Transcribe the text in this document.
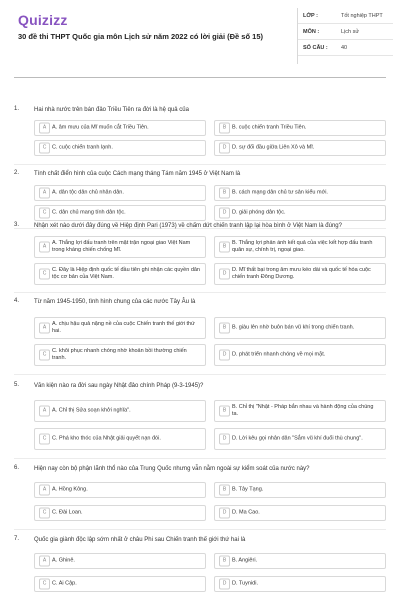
Quizizz
30 đề thi THPT Quốc gia môn Lịch sử năm 2022 có lời giải (Đề số 15)
LỚP :	Tốt nghiệp THPT
MÔN :	Lịch sử
SỐ CÂU :	40
1. Hai nhà nước trên bán đảo Triều Tiên ra đời là hệ quả của
A	A. âm mưu của Mĩ muốn cắt Triều Tiên.	B	B. cuộc chiến tranh Triều Tiên.
C	C. cuộc chiến tranh lạnh.	D	D. sự đối đầu giữa Liên Xô và Mĩ.
2. Tính chất điển hình của cuộc Cách mạng tháng Tám năm 1945 ở Việt Nam là
A	A. dân tộc dân chủ nhân dân.	B	B. cách mạng dân chủ tư sản kiểu mới.
C	C. dân chủ mang tính dân tộc.	D	D. giải phóng dân tộc.
3. Nhận xét nào dưới đây đúng về Hiệp định Pari (1973) về chấm dứt chiến tranh lập lại hòa bình ở Việt Nam là đúng?
A
A. Thắng lợi đấu tranh trên mặt trận ngoại giao Việt Nam trong kháng chiến chống Mĩ.
B
B. Thắng lợi phản ánh kết quả của việc kết hợp đấu tranh quân sự, chính trị, ngoại giao.
C
C. Đây là Hiệp định quốc tế đầu tiên ghi nhận các quyền dân tộc cơ bản của Việt Nam.
D
D. Mĩ thất bại trong âm mưu kéo dài và quốc tế hóa cuộc chiến tranh Đông Dương.
4. Từ năm 1945-1950, tình hình chung của các nước Tây Âu là
A
A. chịu hậu quả nặng nề của cuộc Chiến tranh thế giới thứ hai.
B	B. giàu lên nhờ buôn bán vũ khí trong chiến tranh.
C
C. khôi phục nhanh chóng nhờ khoản bồi thường chiến tranh.
D	D. phát triển nhanh chóng về mọi mặt.
5. Văn kiện nào ra đời sau ngày Nhật đảo chính Pháp (9-3-1945)?
A	A. Chỉ thị Sửa soạn khởi nghĩa".	B
B. Chỉ thị "Nhật - Pháp bắn nhau và hành động của chúng ta.
C	C. Phá kho thóc của Nhật giải quyết nạn đói.	D	D. Lời kêu gọi nhân dân "Sắm vũ khí đuổi thù chung".
6. Hiện nay còn bộ phận lãnh thổ nào của Trung Quốc nhưng vẫn nằm ngoài sự kiểm soát của nước này?
A	A. Hồng Kông.	B	B. Tây Tạng.
C	C. Đài Loan.	D	D. Ma Cao.
7. Quốc gia giành độc lập sớm nhất ở châu Phi sau Chiến tranh thế giới thứ hai là
A	A. Ghinê.	B	B. Angiêri.
C	C. Ai Cập.	D	D. Tuynidi.
